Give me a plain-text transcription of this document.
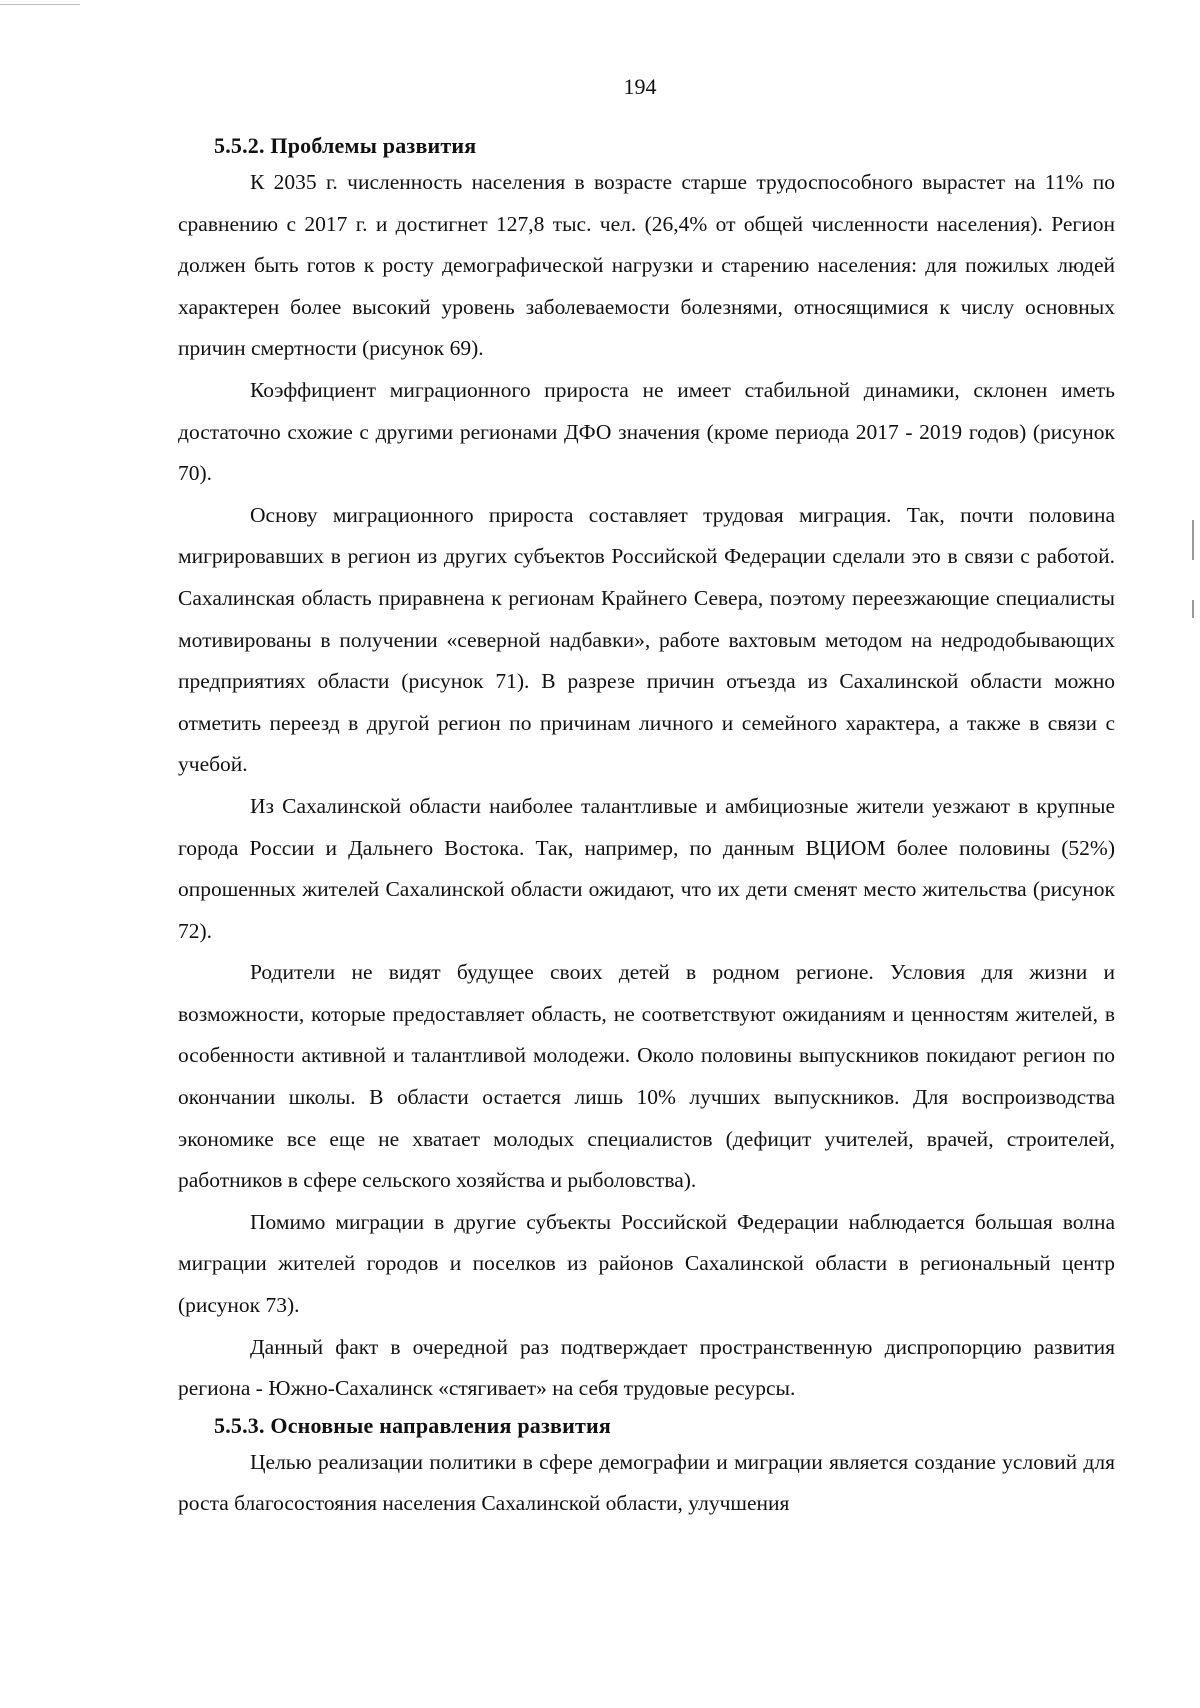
194
5.5.2. Проблемы развития

К 2035 г. численность населения в возрасте старше трудоспособного вырастет на 11% по сравнению с 2017 г. и достигнет 127,8 тыс. чел. (26,4% от общей численности населения). Регион должен быть готов к росту демографической нагрузки и старению населения: для пожилых людей характерен более высокий уровень заболеваемости болезнями, относящимися к числу основных причин смертности (рисунок 69).

Коэффициент миграционного прироста не имеет стабильной динамики, склонен иметь достаточно схожие с другими регионами ДФО значения (кроме периода 2017 - 2019 годов) (рисунок 70).

Основу миграционного прироста составляет трудовая миграция. Так, почти половина мигрировавших в регион из других субъектов Российской Федерации сделали это в связи с работой. Сахалинская область приравнена к регионам Крайнего Севера, поэтому переезжающие специалисты мотивированы в получении «северной надбавки», работе вахтовым методом на недродобывающих предприятиях области (рисунок 71). В разрезе причин отъезда из Сахалинской области можно отметить переезд в другой регион по причинам личного и семейного характера, а также в связи с учебой.

Из Сахалинской области наиболее талантливые и амбициозные жители уезжают в крупные города России и Дальнего Востока. Так, например, по данным ВЦИОМ более половины (52%) опрошенных жителей Сахалинской области ожидают, что их дети сменят место жительства (рисунок 72).

Родители не видят будущее своих детей в родном регионе. Условия для жизни и возможности, которые предоставляет область, не соответствуют ожиданиям и ценностям жителей, в особенности активной и талантливой молодежи. Около половины выпускников покидают регион по окончании школы. В области остается лишь 10% лучших выпускников. Для воспроизводства экономике все еще не хватает молодых специалистов (дефицит учителей, врачей, строителей, работников в сфере сельского хозяйства и рыболовства).

Помимо миграции в другие субъекты Российской Федерации наблюдается большая волна миграции жителей городов и поселков из районов Сахалинской области в региональный центр (рисунок 73).

Данный факт в очередной раз подтверждает пространственную диспропорцию развития региона - Южно-Сахалинск «стягивает» на себя трудовые ресурсы.

5.5.3. Основные направления развития

Целью реализации политики в сфере демографии и миграции является создание условий для роста благосостояния населения Сахалинской области, улучшения
